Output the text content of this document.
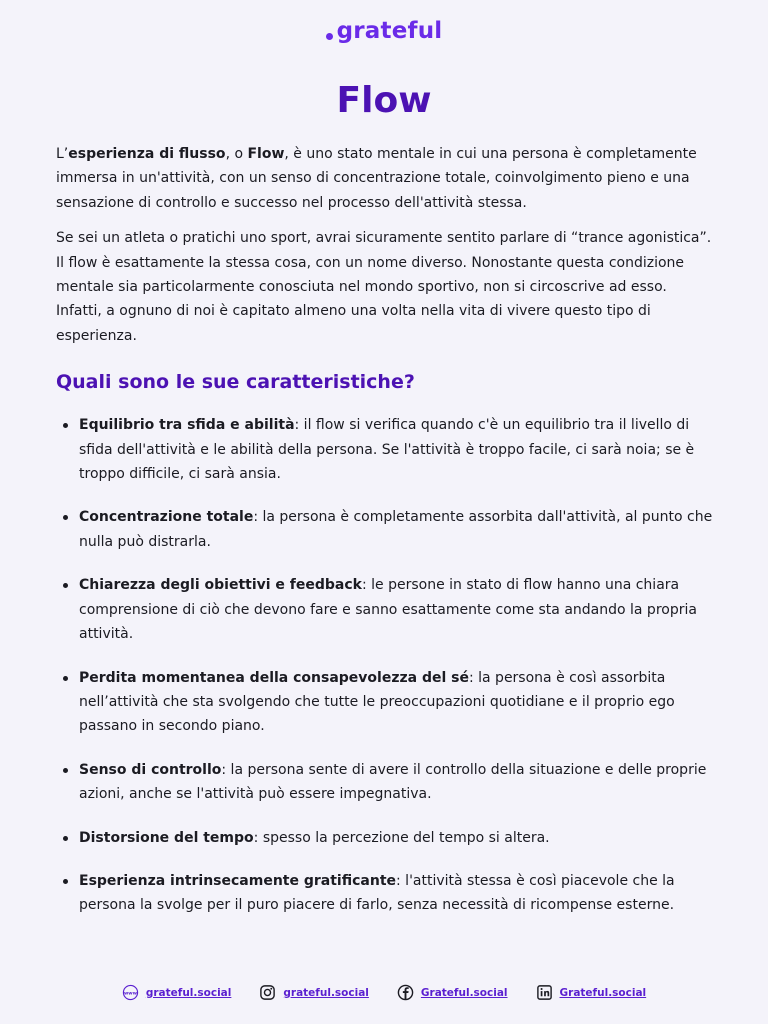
grateful
Flow

L’esperienza di flusso, o Flow, è uno stato mentale in cui una persona è completamente immersa in un'attività, con un senso di concentrazione totale, coinvolgimento pieno e una sensazione di controllo e successo nel processo dell'attività stessa.

Se sei un atleta o pratichi uno sport, avrai sicuramente sentito parlare di “trance agonistica”. Il flow è esattamente la stessa cosa, con un nome diverso. Nonostante questa condizione mentale sia particolarmente conosciuta nel mondo sportivo, non si circoscrive ad esso. Infatti, a ognuno di noi è capitato almeno una volta nella vita di vivere questo tipo di esperienza.

Quali sono le sue caratteristiche?
Equilibrio tra sfida e abilità: il flow si verifica quando c'è un equilibrio tra il livello di sfida dell'attività e le abilità della persona. Se l'attività è troppo facile, ci sarà noia; se è troppo difficile, ci sarà ansia.
Concentrazione totale: la persona è completamente assorbita dall'attività, al punto che nulla può distrarla.
Chiarezza degli obiettivi e feedback: le persone in stato di flow hanno una chiara comprensione di ciò che devono fare e sanno esattamente come sta andando la propria attività.
Perdita momentanea della consapevolezza del sé: la persona è così assorbita nell’attività che sta svolgendo che tutte le preoccupazioni quotidiane e il proprio ego passano in secondo piano.
Senso di controllo: la persona sente di avere il controllo della situazione e delle proprie azioni, anche se l'attività può essere impegnativa.
Distorsione del tempo: spesso la percezione del tempo si altera.
Esperienza intrinsecamente gratificante: l'attività stessa è così piacevole che la persona la svolge per il puro piacere di farlo, senza necessità di ricompense esterne.
www grateful.social	grateful.social	Grateful.social	Grateful.social
